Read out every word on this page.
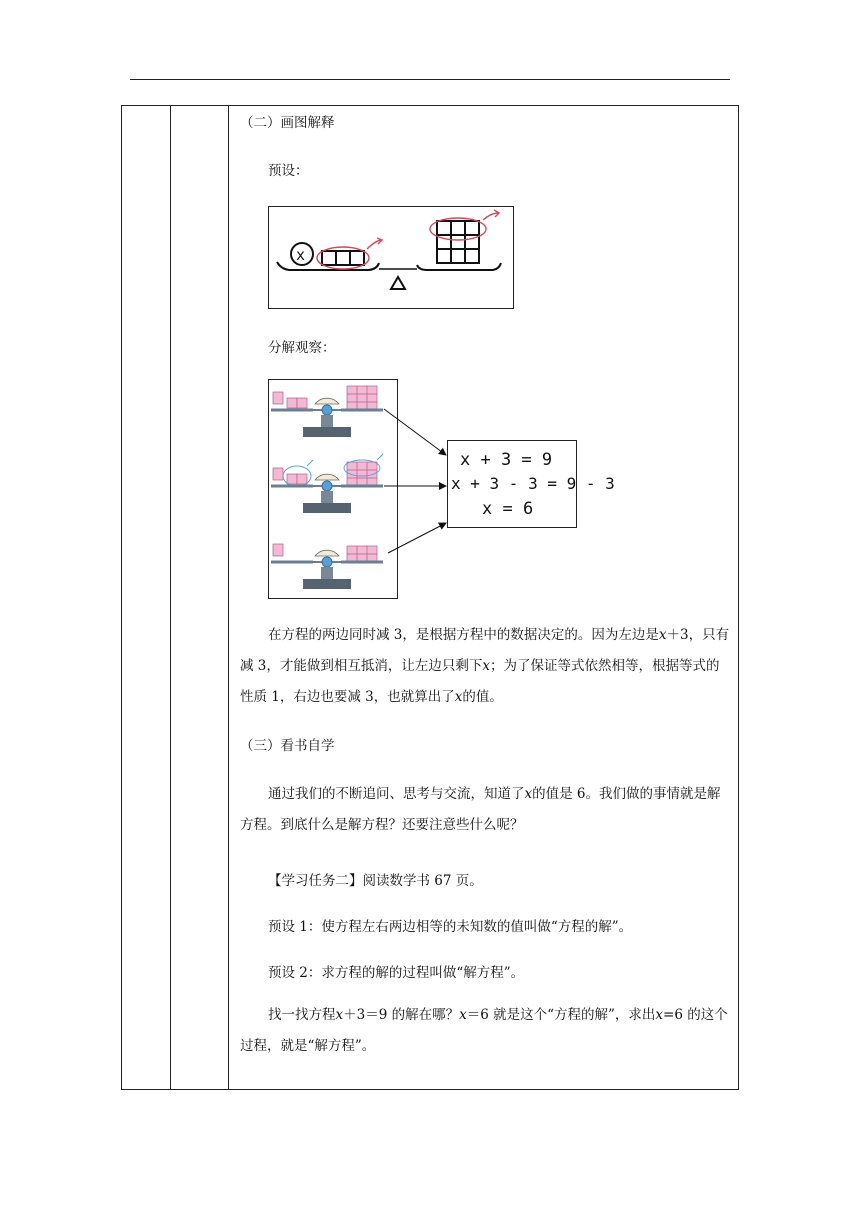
（二）画图解释
预设：
x
分解观察：
x + 3 = 9
x + 3 - 3 = 9 - 3
x = 6
在方程的两边同时减 3，是根据方程中的数据决定的。因为左边是x＋3，只有减 3，才能做到相互抵消，让左边只剩下x；为了保证等式依然相等，根据等式的性质 1，右边也要减 3，也就算出了x的值。
（三）看书自学
通过我们的不断追问、思考与交流，知道了x的值是 6。我们做的事情就是解方程。到底什么是解方程？还要注意些什么呢？
【学习任务二】阅读数学书 67 页。
预设 1：使方程左右两边相等的未知数的值叫做“方程的解”。
预设 2：求方程的解的过程叫做“解方程”。
找一找方程x＋3＝9 的解在哪？x＝6 就是这个“方程的解”，求出x=6 的这个过程，就是“解方程”。
